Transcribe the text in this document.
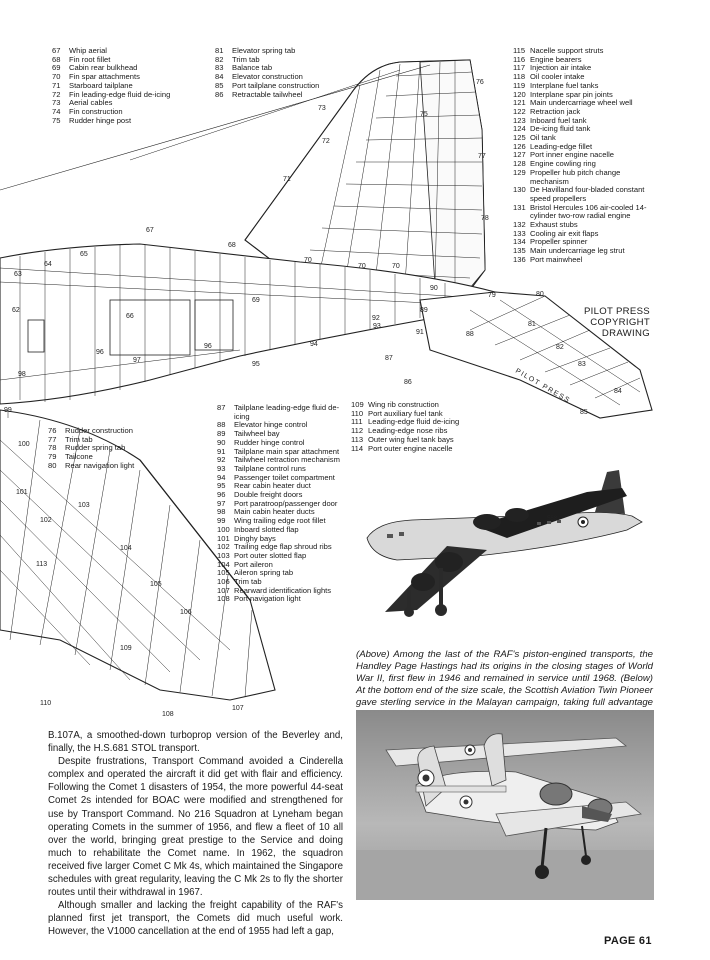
73
72
71
67
68
76
77
78
75
79	80
81
82
83
84
85
86
87
88
89
90
91
93
94
95
96
97
98
99
100
101
102
103
104
105
106
107
108
109
110
113
70
70	70
63
64
65
66
62
69
96
92
PILOT PRESS
67	Whip aerial
68	Fin root fillet
69	Cabin rear bulkhead
70	Fin spar attachments
71	Starboard tailplane
72	Fin leading-edge fluid de-icing
73	Aerial cables
74	Fin construction
75	Rudder hinge post
81	Elevator spring tab
82	Trim tab
83	Balance tab
84	Elevator construction
85	Port tailplane construction
86	Retractable tailwheel
115 Nacelle support struts
116 Engine bearers
117 Injection air intake
118 Oil cooler intake
119 Interplane fuel tanks
120 Interplane spar pin joints
121 Main undercarriage wheel well
122 Retraction jack
123 Inboard fuel tank
124 De-icing fluid tank
125 Oil tank
126 Leading-edge fillet
127 Port inner engine nacelle
128 Engine cowling ring
129 Propeller hub pitch change mechanism
130 De Havilland four-bladed constant speed propellers
131 Bristol Hercules 106 air-cooled 14-cylinder two-row radial engine
132 Exhaust stubs
133 Cooling air exit flaps
134 Propeller spinner
135 Main undercarriage leg strut
136 Port mainwheel
76	Rudder construction
77	Trim tab
78	Rudder spring tab
79	Tailcone
80	Rear navigation light
87	Tailplane leading-edge fluid de-icing
88	Elevator hinge control
89	Tailwheel bay
90	Rudder hinge control
91	Tailplane main spar attachment
92	Tailwheel retraction mechanism
93	Tailplane control runs
94	Passenger toilet compartment
95	Rear cabin heater duct
96	Double freight doors
97	Port paratroop/passenger door
98	Main cabin heater ducts
99	Wing trailing edge root fillet
100 Inboard slotted flap
101 Dinghy bays
102 Trailing edge flap shroud ribs
103 Port outer slotted flap
104 Port aileron
105 Aileron spring tab
106 Trim tab
107 Rearward identification lights
108 Port navigation light
109 Wing rib construction
110 Port auxiliary fuel tank
111 Leading-edge fluid de-icing
112 Leading-edge nose ribs
113 Outer wing fuel tank bays
114 Port outer engine nacelle
PILOT PRESS
COPYRIGHT
DRAWING
568
(Above) Among the last of the RAF's piston-engined transports, the Handley Page Hastings had its origins in the closing stages of World War II, first flew in 1946 and remained in service until 1968. (Below) At the bottom end of the size scale, the Scottish Aviation Twin Pioneer gave sterling service in the Malayan campaign, taking full advantage

B.107A, a smoothed-down turboprop version of the Beverley and, finally, the H.S.681 STOL transport.

Despite frustrations, Transport Command avoided a Cinderella complex and operated the aircraft it did get with flair and efficiency. Following the Comet 1 disasters of 1954, the more powerful 44-seat Comet 2s intended for BOAC were modified and strengthened for use by Transport Command. No 216 Squadron at Lyneham began operating Comets in the summer of 1956, and flew a fleet of 10 all over the world, bringing great prestige to the Service and doing much to rehabilitate the Comet name. In 1962, the squadron received five larger Comet C Mk 4s, which maintained the Singapore schedules with great regularity, leaving the C Mk 2s to fly the shorter routes until their withdrawal in 1967.

Although smaller and lacking the freight capability of the RAF's planned first jet transport, the Comets did much useful work. However, the V1000 cancellation at the end of 1955 had left a gap,

PAGE 61
